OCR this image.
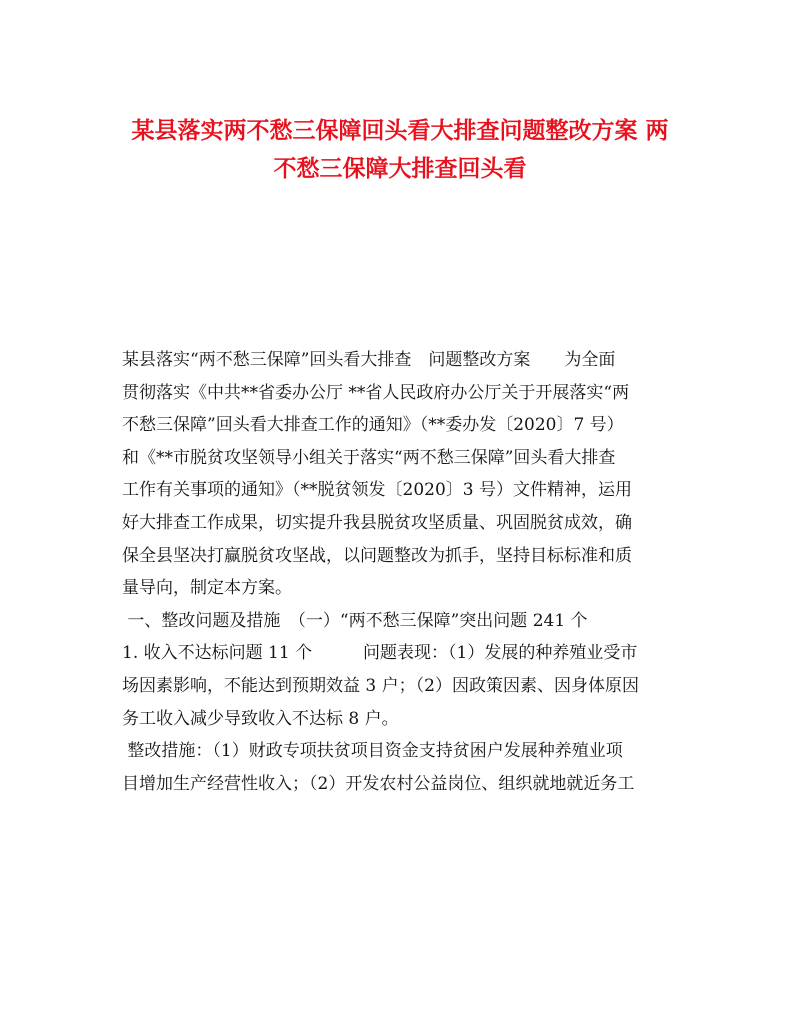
某县落实两不愁三保障回头看大排查问题整改方案 两
不愁三保障大排查回头看
某县落实“两不愁三保障”回头看大排查　问题整改方案　　为全面
贯彻落实《中共**省委办公厅 **省人民政府办公厅关于开展落实“两
不愁三保障”回头看大排查工作的通知》（**委办发〔2020〕7 号）
和《**市脱贫攻坚领导小组关于落实“两不愁三保障”回头看大排查
工作有关事项的通知》（**脱贫领发〔2020〕3 号）文件精神，运用
好大排查工作成果，切实提升我县脱贫攻坚质量、巩固脱贫成效，确
保全县坚决打赢脱贫攻坚战，以问题整改为抓手，坚持目标标准和质
量导向，制定本方案。
一、整改问题及措施　（一）“两不愁三保障”突出问题 241 个
1. 收入不达标问题 11 个　　　问题表现：（1）发展的种养殖业受市
场因素影响，不能达到预期效益 3 户；（2）因政策因素、因身体原因
务工收入减少导致收入不达标 8 户。
整改措施：（1）财政专项扶贫项目资金支持贫困户发展种养殖业项
目增加生产经营性收入；（2）开发农村公益岗位、组织就地就近务工
